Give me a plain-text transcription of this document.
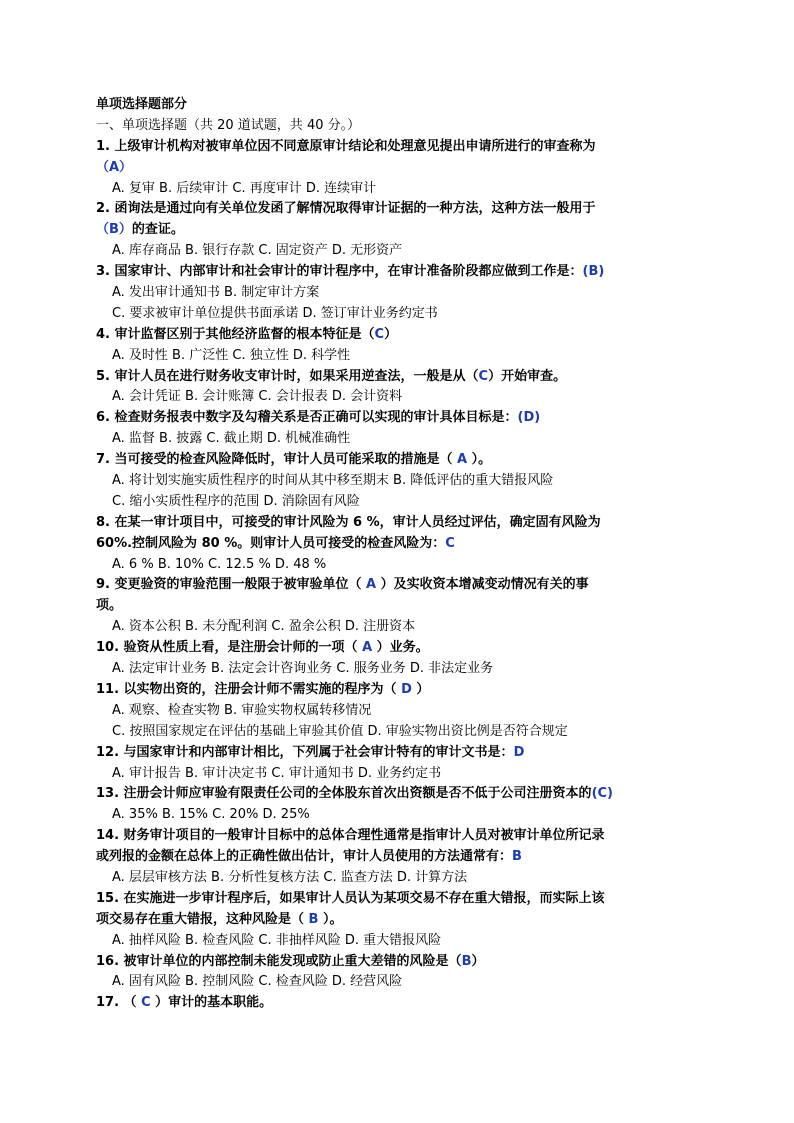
单项选择题部分
一、单项选择题（共 20 道试题，共 40 分。）
1. 上级审计机构对被审单位因不同意原审计结论和处理意见提出申请所进行的审查称为
（A）
A. 复审 B. 后续审计 C. 再度审计 D. 连续审计
2. 函询法是通过向有关单位发函了解情况取得审计证据的一种方法，这种方法一般用于
（B）的查证。
A. 库存商品 B. 银行存款 C. 固定资产 D. 无形资产
3. 国家审计、内部审计和社会审计的审计程序中，在审计准备阶段都应做到工作是：(B)
A. 发出审计通知书 B. 制定审计方案
C. 要求被审计单位提供书面承诺 D. 签订审计业务约定书
4. 审计监督区别于其他经济监督的根本特征是（C）
A. 及时性 B. 广泛性 C. 独立性 D. 科学性
5. 审计人员在进行财务收支审计时，如果采用逆查法，一般是从（C）开始审查。
A. 会计凭证 B. 会计账簿 C. 会计报表 D. 会计资料
6. 检查财务报表中数字及勾稽关系是否正确可以实现的审计具体目标是：(D)
A. 监督 B. 披露 C. 截止期 D. 机械准确性
7. 当可接受的检查风险降低时，审计人员可能采取的措施是（ A ）。
A. 将计划实施实质性程序的时间从其中移至期末 B. 降低评估的重大错报风险
C. 缩小实质性程序的范围 D. 消除固有风险
8. 在某一审计项目中，可接受的审计风险为 6 %，审计人员经过评估，确定固有风险为
60%.控制风险为 80 %。则审计人员可接受的检查风险为：C
A. 6 % B. 10% C. 12.5 % D. 48 %
9. 变更验资的审验范围一般限于被审验单位（ A ）及实收资本增减变动情况有关的事
项。
A. 资本公积 B. 未分配利润 C. 盈余公积 D. 注册资本
10. 验资从性质上看，是注册会计师的一项（ A ）业务。
A. 法定审计业务 B. 法定会计咨询业务 C. 服务业务 D. 非法定业务
11. 以实物出资的，注册会计师不需实施的程序为（ D ）
A. 观察、检查实物 B. 审验实物权属转移情况
C. 按照国家规定在评估的基础上审验其价值 D. 审验实物出资比例是否符合规定
12. 与国家审计和内部审计相比，下列属于社会审计特有的审计文书是：D
A. 审计报告 B. 审计决定书 C. 审计通知书 D. 业务约定书
13. 注册会计师应审验有限责任公司的全体股东首次出资额是否不低于公司注册资本的(C)
A. 35% B. 15% C. 20% D. 25%
14. 财务审计项目的一般审计目标中的总体合理性通常是指审计人员对被审计单位所记录
或列报的金额在总体上的正确性做出估计，审计人员使用的方法通常有：B
A. 层层审核方法 B. 分析性复核方法 C. 监查方法 D. 计算方法
15. 在实施进一步审计程序后，如果审计人员认为某项交易不存在重大错报，而实际上该
项交易存在重大错报，这种风险是（ B ）。
A. 抽样风险 B. 检查风险 C. 非抽样风险 D. 重大错报风险
16. 被审计单位的内部控制未能发现或防止重大差错的风险是（B）
A. 固有风险 B. 控制风险 C. 检查风险 D. 经营风险
17. （ C ）审计的基本职能。
